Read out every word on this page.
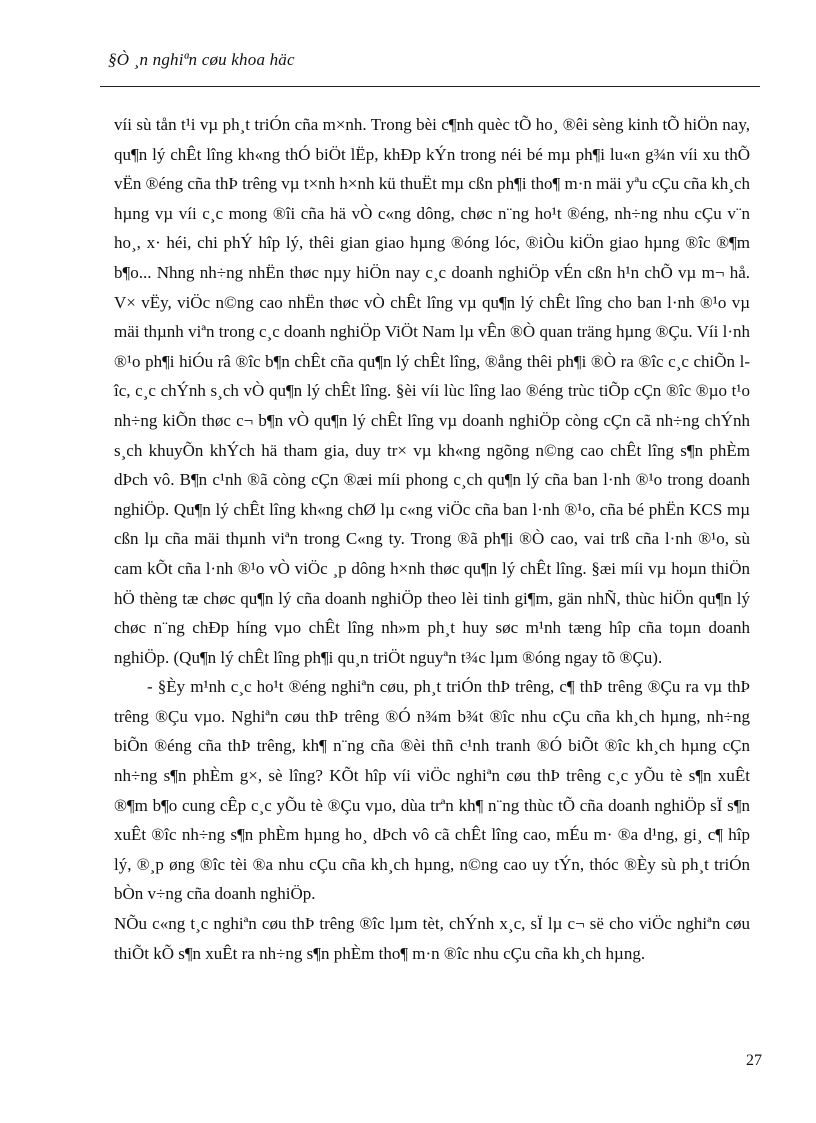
§Ò ¸n nghiªn cøu khoa häc

víi sù tån t¹i vµ ph¸t triÓn cña m×nh. Trong bèi c¶nh quèc tÕ ho¸ ®êi sèng kinh tÕ hiÖn nay, qu¶n lý chÊt lîng kh«ng thÓ biÖt lËp, khÐp kÝn trong néi bé mµ ph¶i lu«n g¾n víi xu thÕ vËn ®éng cña thÞ trêng vµ t×nh h×nh kü thuËt mµ cßn ph¶i tho¶ m·n mäi yªu cÇu cña kh¸ch hµng vµ víi c¸c mong ®îi cña hä vÒ c«ng dông, chøc n¨ng ho¹t ®éng, nh÷ng nhu cÇu v¨n ho¸, x· héi, chi phÝ hîp lý, thêi gian giao hµng ®óng lóc, ®iÒu kiÖn giao hµng ®îc ®¶m b¶o... Nhng nh÷ng nhËn thøc nµy hiÖn nay c¸c doanh nghiÖp vÉn cßn h¹n chÕ vµ m¬ hå. V× vËy, viÖc n©ng cao nhËn thøc vÒ chÊt lîng vµ qu¶n lý chÊt lîng cho ban l·nh ®¹o vµ mäi thµnh viªn trong c¸c doanh nghiÖp ViÖt Nam lµ vÊn ®Ò quan träng hµng ®Çu. Víi l·nh ®¹o ph¶i hiÓu râ ®îc b¶n chÊt cña qu¶n lý chÊt lîng, ®ång thêi ph¶i ®Ò ra ®îc c¸c chiÕn lîc, c¸c chÝnh s¸ch vÒ qu¶n lý chÊt lîng. §èi víi lùc lîng lao ®éng trùc tiÕp cÇn ®îc ®µo t¹o nh÷ng kiÕn thøc c¬ b¶n vÒ qu¶n lý chÊt lîng vµ doanh nghiÖp còng cÇn cã nh÷ng chÝnh s¸ch khuyÕn khÝch hä tham gia, duy tr× vµ kh«ng ngõng n©ng cao chÊt lîng s¶n phÈm dÞch vô. B¶n c¹nh ®ã còng cÇn ®æi míi phong c¸ch qu¶n lý cña ban l·nh ®¹o trong doanh nghiÖp. Qu¶n lý chÊt lîng kh«ng chØ lµ c«ng viÖc cña ban l·nh ®¹o, cña bé phËn KCS mµ cßn lµ cña mäi thµnh viªn trong C«ng ty. Trong ®ã ph¶i ®Ò cao, vai trß cña l·nh ®¹o, sù cam kÕt cña l·nh ®¹o vÒ viÖc ¸p dông h×nh thøc qu¶n lý chÊt lîng. §æi míi vµ hoµn thiÖn hÖ thèng tæ chøc qu¶n lý cña doanh nghiÖp theo lèi tinh gi¶m, gän nhÑ, thùc hiÖn qu¶n lý chøc n¨ng chÐp híng vµo chÊt lîng nh»m ph¸t huy søc m¹nh tæng hîp cña toµn doanh nghiÖp. (Qu¶n lý chÊt lîng ph¶i qu¸n triÖt nguyªn t¾c lµm ®óng ngay tõ ®Çu).

- §Èy m¹nh c¸c ho¹t ®éng nghiªn cøu, ph¸t triÓn thÞ trêng, c¶ thÞ trêng ®Çu ra vµ thÞ trêng ®Çu vµo. Nghiªn cøu thÞ trêng ®Ó n¾m b¾t ®îc nhu cÇu cña kh¸ch hµng, nh÷ng biÕn ®éng cña thÞ trêng, kh¶ n¨ng cña ®èi thñ c¹nh tranh ®Ó biÕt ®îc kh¸ch hµng cÇn nh÷ng s¶n phÈm g×, sè lîng? KÕt hîp víi viÖc nghiªn cøu thÞ trêng c¸c yÕu tè s¶n xuÊt ®¶m b¶o cung cÊp c¸c yÕu tè ®Çu vµo, dùa trªn kh¶ n¨ng thùc tÕ cña doanh nghiÖp sÏ s¶n xuÊt ®îc nh÷ng s¶n phÈm hµng ho¸ dÞch vô cã chÊt lîng cao, mÉu m· ®a d¹ng, gi¸ c¶ hîp lý, ®¸p øng ®îc tèi ®a nhu cÇu cña kh¸ch hµng, n©ng cao uy tÝn, thóc ®Èy sù ph¸t triÓn bÒn v÷ng cña doanh nghiÖp.

NÕu c«ng t¸c nghiªn cøu thÞ trêng ®îc lµm tèt, chÝnh x¸c, sÏ lµ c¬ së cho viÖc nghiªn cøu thiÕt kÕ s¶n xuÊt ra nh÷ng s¶n phÈm tho¶ m·n ®îc nhu cÇu cña kh¸ch hµng.

27
